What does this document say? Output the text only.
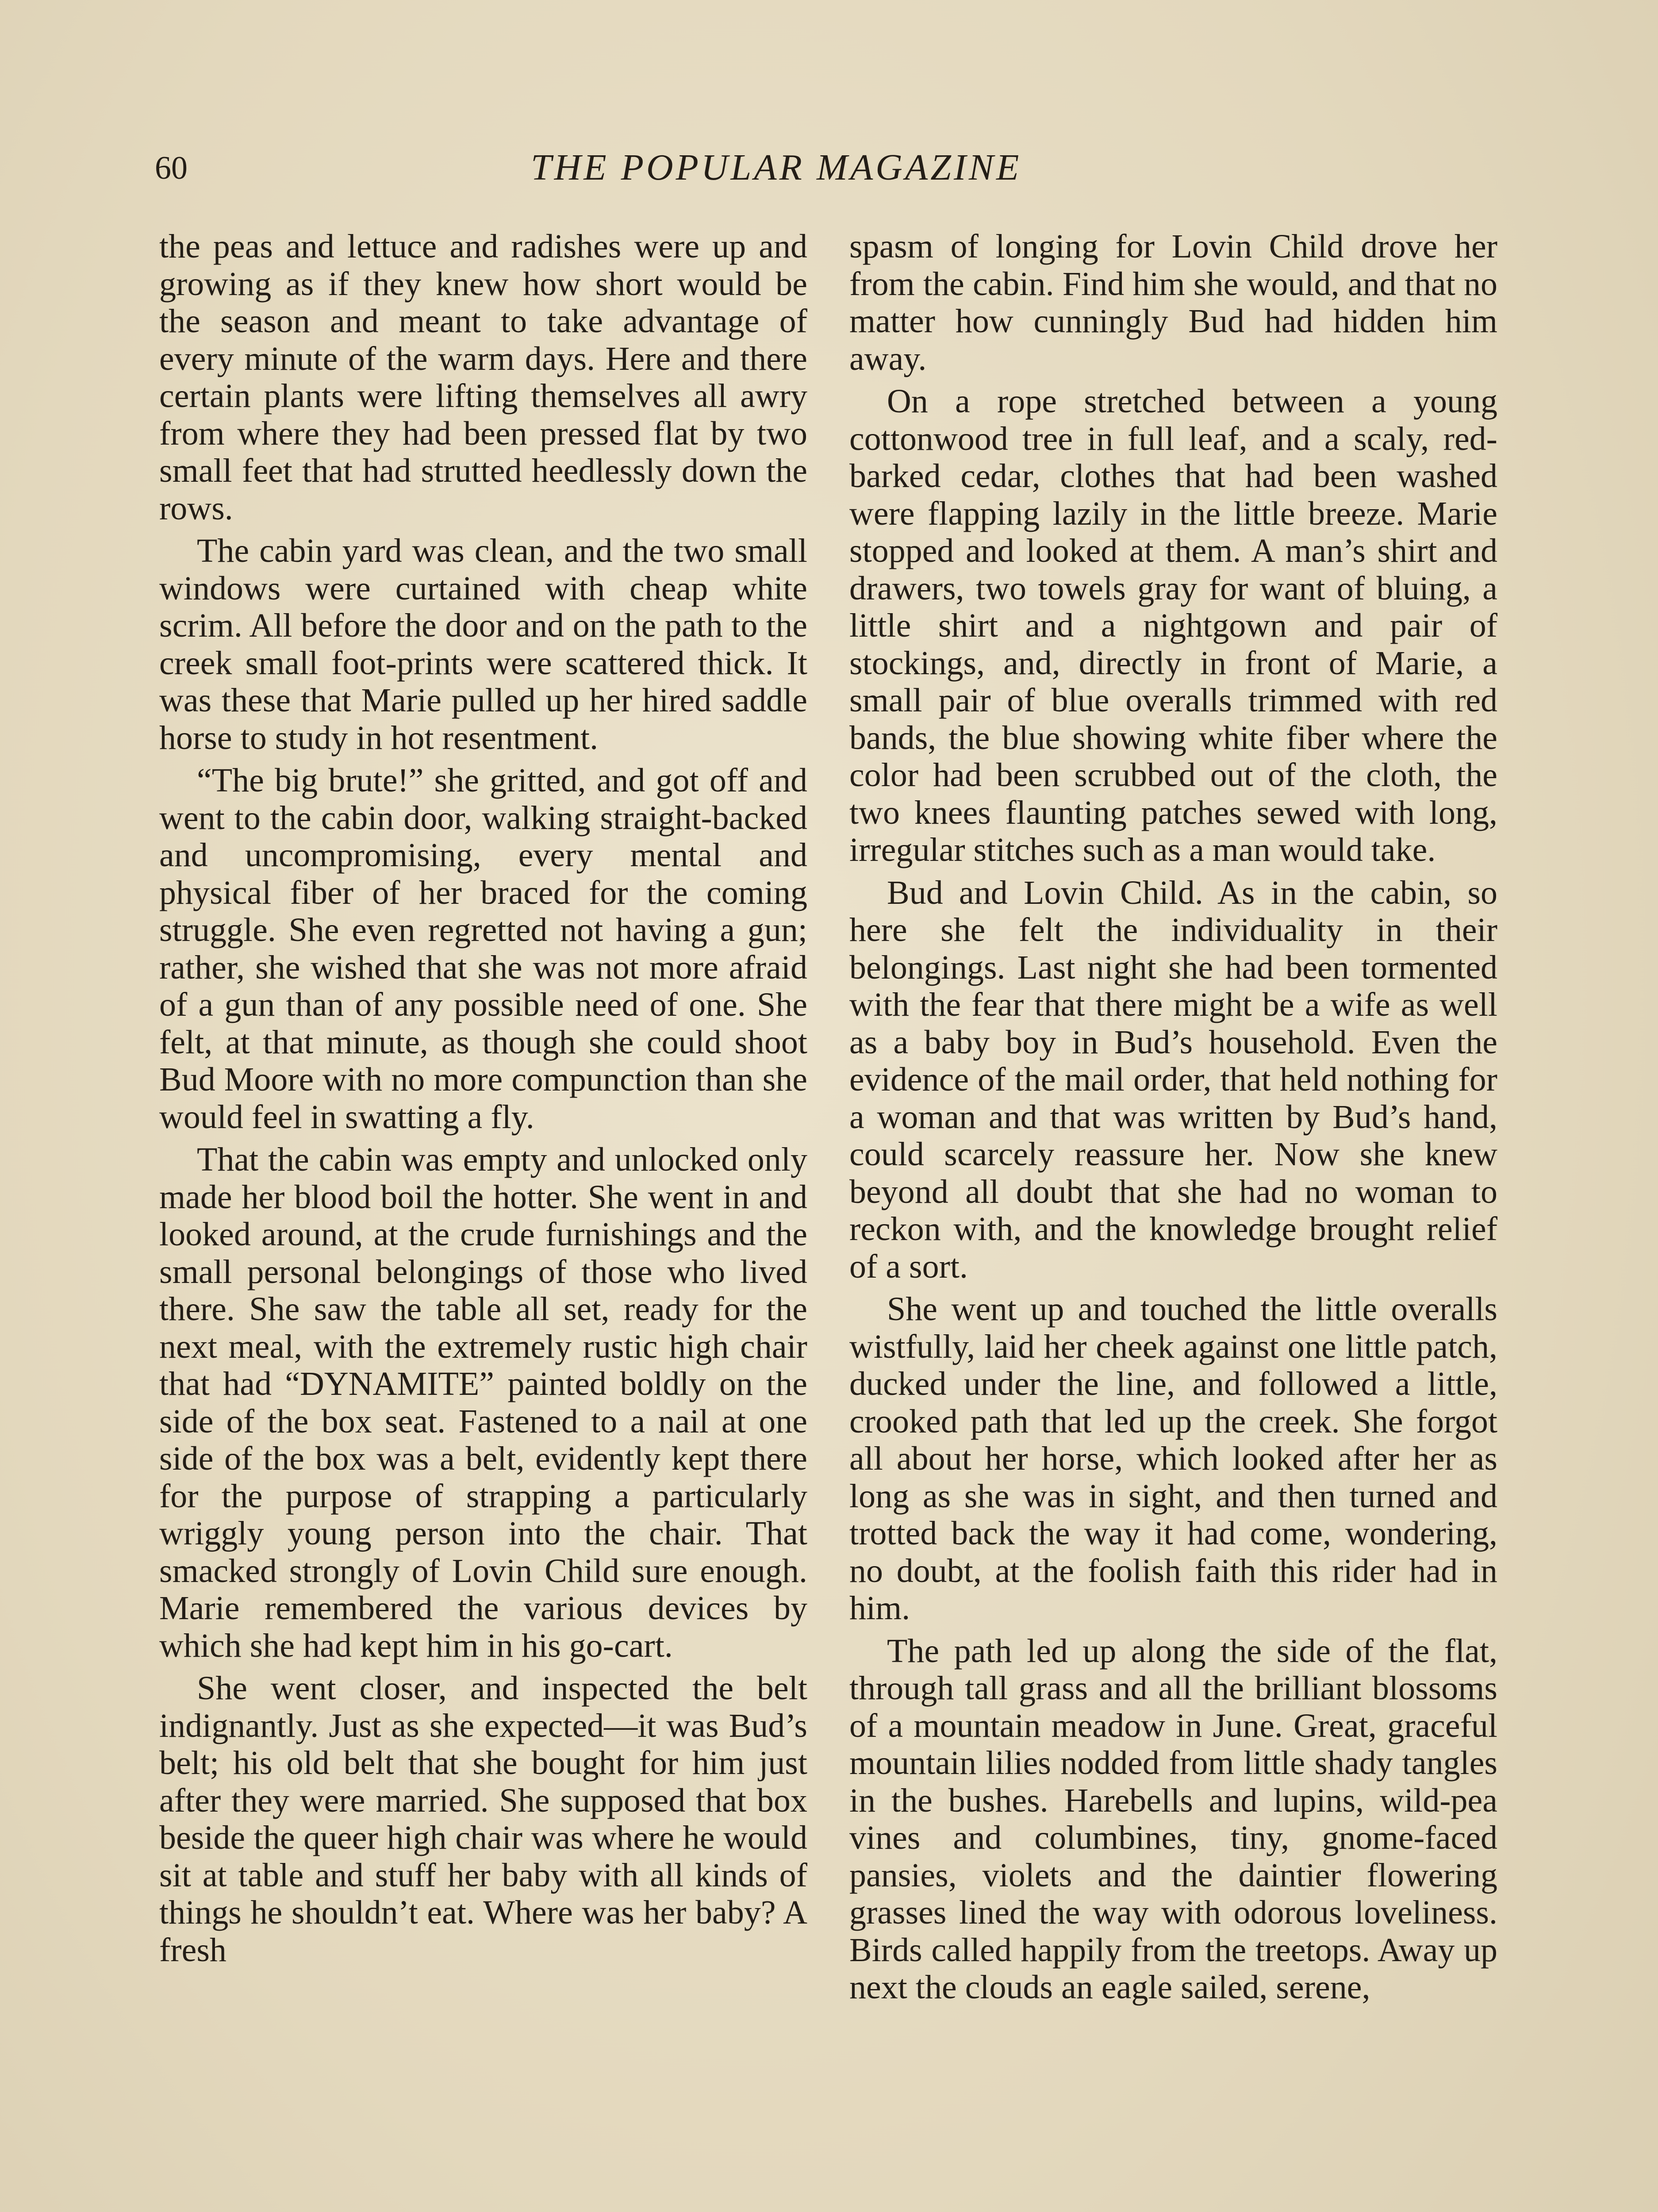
60	THE POPULAR MAGAZINE

the peas and lettuce and radishes were up and growing as if they knew how short would be the season and meant to take advantage of every minute of the warm days. Here and there certain plants were lifting themselves all awry from where they had been pressed flat by two small feet that had strutted heedlessly down the rows.

The cabin yard was clean, and the two small windows were curtained with cheap white scrim. All before the door and on the path to the creek small foot-prints were scattered thick. It was these that Marie pulled up her hired saddle horse to study in hot resentment.

“The big brute!” she gritted, and got off and went to the cabin door, walking straight-backed and uncompromising, every mental and physical fiber of her braced for the coming struggle. She even regretted not having a gun; rather, she wished that she was not more afraid of a gun than of any possible need of one. She felt, at that minute, as though she could shoot Bud Moore with no more compunction than she would feel in swatting a fly.

That the cabin was empty and unlocked only made her blood boil the hotter. She went in and looked around, at the crude furnishings and the small personal belongings of those who lived there. She saw the table all set, ready for the next meal, with the extremely rustic high chair that had “DYNAMITE” painted boldly on the side of the box seat. Fastened to a nail at one side of the box was a belt, evidently kept there for the purpose of strapping a particularly wriggly young person into the chair. That smacked strongly of Lovin Child sure enough. Marie remembered the various devices by which she had kept him in his go-cart.

She went closer, and inspected the belt indignantly. Just as she expected—it was Bud’s belt; his old belt that she bought for him just after they were married. She supposed that box beside the queer high chair was where he would sit at table and stuff her baby with all kinds of things he shouldn’t eat. Where was her baby? A fresh

spasm of longing for Lovin Child drove her from the cabin. Find him she would, and that no matter how cunningly Bud had hidden him away.

On a rope stretched between a young cottonwood tree in full leaf, and a scaly, red-barked cedar, clothes that had been washed were flapping lazily in the little breeze. Marie stopped and looked at them. A man’s shirt and drawers, two towels gray for want of bluing, a little shirt and a nightgown and pair of stockings, and, directly in front of Marie, a small pair of blue overalls trimmed with red bands, the blue showing white fiber where the color had been scrubbed out of the cloth, the two knees flaunting patches sewed with long, irregular stitches such as a man would take.

Bud and Lovin Child. As in the cabin, so here she felt the individuality in their belongings. Last night she had been tormented with the fear that there might be a wife as well as a baby boy in Bud’s household. Even the evidence of the mail order, that held nothing for a woman and that was written by Bud’s hand, could scarcely reassure her. Now she knew beyond all doubt that she had no woman to reckon with, and the knowledge brought relief of a sort.

She went up and touched the little overalls wistfully, laid her cheek against one little patch, ducked under the line, and followed a little, crooked path that led up the creek. She forgot all about her horse, which looked after her as long as she was in sight, and then turned and trotted back the way it had come, wondering, no doubt, at the foolish faith this rider had in him.

The path led up along the side of the flat, through tall grass and all the brilliant blossoms of a mountain meadow in June. Great, graceful mountain lilies nodded from little shady tangles in the bushes. Harebells and lupins, wild-pea vines and columbines, tiny, gnome-faced pansies, violets and the daintier flowering grasses lined the way with odorous loveliness. Birds called happily from the treetops. Away up next the clouds an eagle sailed, serene,
